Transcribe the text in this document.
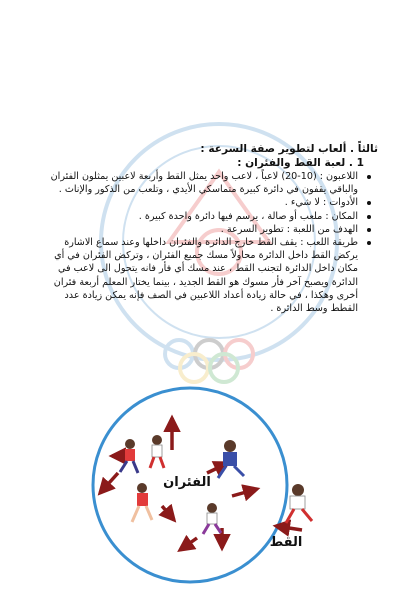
ثالثاً . ألعاب لتطوير صفة السرعة :
1 . لعبة القط والفئران :
اللاعبون : (10-20) لاعباً ، لاعب واحد يمثل القط وأربعة لاعبين يمثلون الفئران والباقي يقفون في دائرة كبيرة متماسكي الأيدي ، وتلعب من الذكور والإناث .
الأدوات : لا شيء .
المكان : ملعب أو صالة ، يرسم فيها دائرة واحدة كبيرة .
الهدف من اللعبة : تطوير السرعة .
طريقة اللعب : يقف القط خارج الدائرة والفئران داخلها وعند سماع الاشارة يركض القط داخل الدائرة محاولاً مسك جميع الفئران ، وتركض الفئران في أي مكان داخل الدائرة لتجنب القط ، عند مسك أي فأر فانه يتحول الى لاعب في الدائرة ويصبح آخر فأر مسوك هو القط الجديد ، بينما يختار المعلم أربعة فئران أخرى وهكذا ، في حالة زيادة أعداد اللاعبين في الصف فإنه يمكن زيادة عدد القطط وسط الدائرة .
الفئران
القط
